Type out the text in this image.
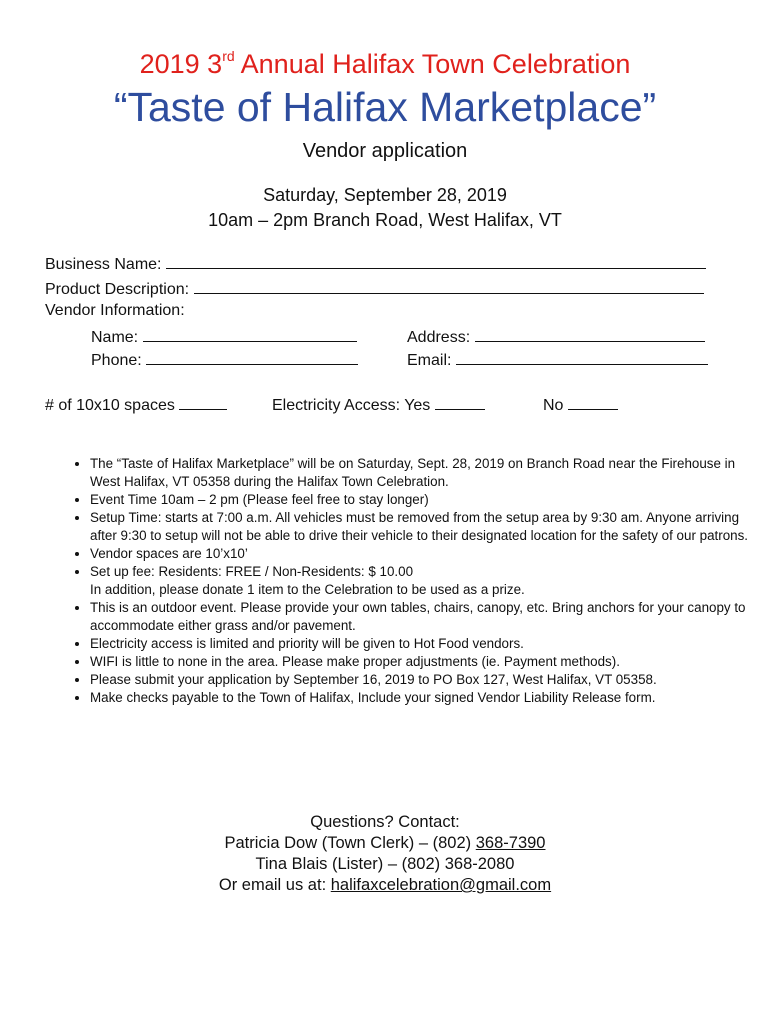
2019 3rd Annual Halifax Town Celebration
“Taste of Halifax Marketplace”
Vendor application
Saturday, September 28, 2019
10am – 2pm Branch Road, West Halifax, VT
Business Name:
Product Description:
Vendor Information:
Name:	Address:
Phone:	Email:
# of 10x10 spaces	Electricity Access: Yes	No
• The “Taste of Halifax Marketplace” will be on Saturday, Sept. 28, 2019 on Branch Road near the Firehouse in West Halifax, VT 05358 during the Halifax Town Celebration.
• Event Time 10am – 2 pm (Please feel free to stay longer)
• Setup Time: starts at 7:00 a.m. All vehicles must be removed from the setup area by 9:30 am. Anyone arriving after 9:30 to setup will not be able to drive their vehicle to their designated location for the safety of our patrons.
• Vendor spaces are 10’x10’
• Set up fee: Residents: FREE / Non-Residents: $ 10.00
In addition, please donate 1 item to the Celebration to be used as a prize.
• This is an outdoor event. Please provide your own tables, chairs, canopy, etc. Bring anchors for your canopy to accommodate either grass and/or pavement.
• Electricity access is limited and priority will be given to Hot Food vendors.
• WIFI is little to none in the area. Please make proper adjustments (ie. Payment methods).
• Please submit your application by September 16, 2019 to PO Box 127, West Halifax, VT 05358.
• Make checks payable to the Town of Halifax, Include your signed Vendor Liability Release form.
Questions? Contact:
Patricia Dow (Town Clerk) – (802) 368-7390
Tina Blais (Lister) – (802) 368-2080
Or email us at: halifaxcelebration@gmail.com
